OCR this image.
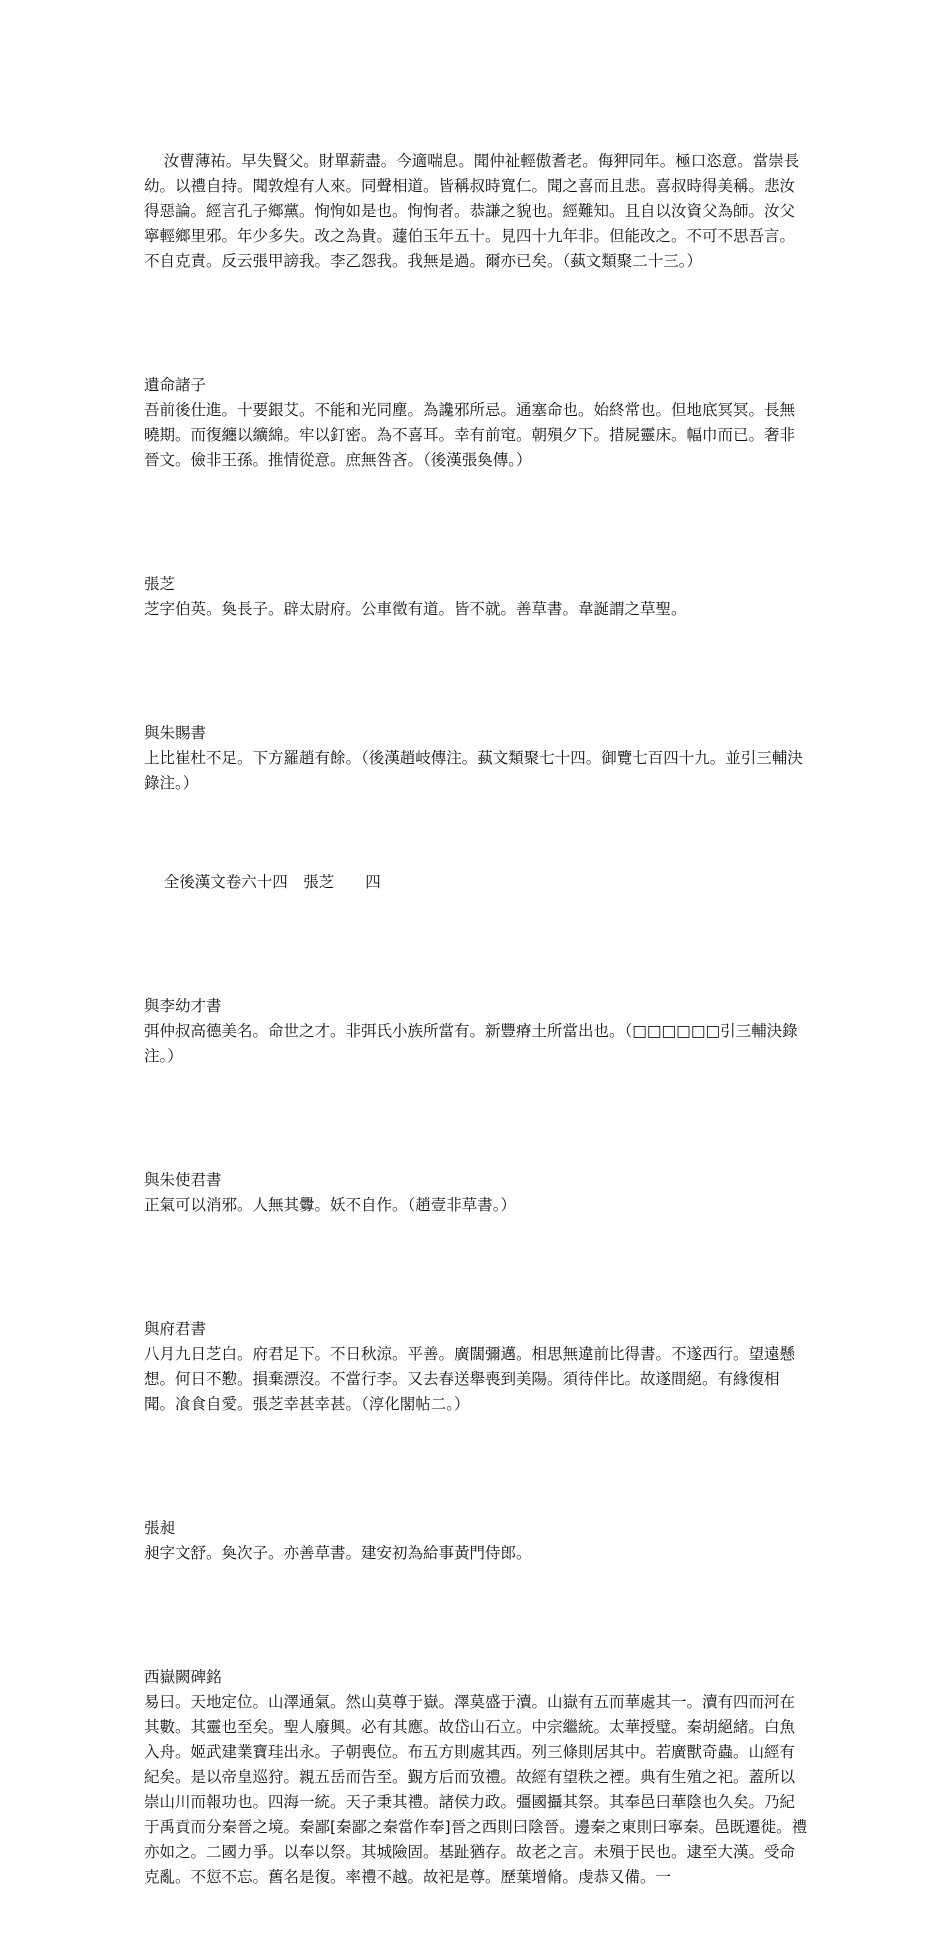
汝曹薄祐。早失賢父。財單薪盡。今適喘息。聞仲祉輕傲耆老。侮狎同年。極口恣意。當崇長幼。以禮自持。聞敦煌有人來。同聲相道。皆稱叔時寬仁。聞之喜而且悲。喜叔時得美稱。悲汝得惡論。經言孔子鄉黨。恂恂如是也。恂恂者。恭謙之貌也。經難知。且自以汝資父為師。汝父寧輕鄉里邪。年少多失。改之為貴。蘧伯玉年五十。見四十九年非。但能改之。不可不思吾言。不自克責。反云張甲謗我。李乙怨我。我無是過。爾亦已矣。（蓺文類聚二十三。）

遺命諸子
吾前後仕進。十要銀艾。不能和光同塵。為讒邪所忌。通塞命也。始終常也。但地底冥冥。長無曉期。而復纏以纊綿。牢以釘密。為不喜耳。幸有前窀。朝殞夕下。措屍靈床。幅巾而已。奢非晉文。儉非王孫。推情從意。庶無咎吝。（後漢張奐傳。）

張芝
芝字伯英。奐長子。辟太尉府。公車徵有道。皆不就。善草書。韋誕謂之草聖。

與朱賜書
上比崔杜不足。下方羅趙有餘。（後漢趙岐傳注。蓺文類聚七十四。御覽七百四十九。並引三輔決錄注。）

全後漢文卷六十四　張芝　　四

與李幼才書
弭仲叔高德美名。命世之才。非弭氏小族所當有。新豐瘠土所當出也。（□□□□□□引三輔決錄注。）

與朱使君書
正氣可以消邪。人無其釁。妖不自作。（趙壹非草書。）

與府君書
八月九日芝白。府君足下。不日秋涼。平善。廣闊彌邁。相思無違前比得書。不遂西行。望遠懸想。何日不懃。損棄漂沒。不當行李。又去春送舉喪到美陽。須待伴比。故遂間絕。有緣復相聞。飡食自愛。張芝幸甚幸甚。（淳化閣帖二。）

張昶
昶字文舒。奐次子。亦善草書。建安初為給事黃門侍郎。

西嶽闕碑銘
易曰。天地定位。山澤通氣。然山莫尊于嶽。澤莫盛于瀆。山嶽有五而華處其一。瀆有四而河在其數。其靈也至矣。聖人廢興。必有其應。故岱山石立。中宗繼統。太華授璧。秦胡絕緒。白魚入舟。姬武建業寶珪出永。子朝喪位。布五方則處其西。列三條則居其中。若廣獸奇蟲。山經有紀矣。是以帝皇巡狩。親五岳而告至。覲方后而攷禮。故經有望秩之禋。典有生殖之祀。蓋所以崇山川而報功也。四海一統。天子秉其禮。諸侯力政。彊國攝其祭。其奉邑曰華陰也久矣。乃紀于禹貢而分秦晉之境。秦鄙[秦鄙之秦當作奉]晉之西則曰陰晉。邊秦之東則曰寧秦。邑既遷徙。禮亦如之。二國力爭。以奉以祭。其城險固。基趾猶存。故老之言。未殞于民也。逮至大漢。受命克亂。不愆不忘。舊名是復。率禮不越。故祀是尊。歷葉增脩。虔恭又備。一
